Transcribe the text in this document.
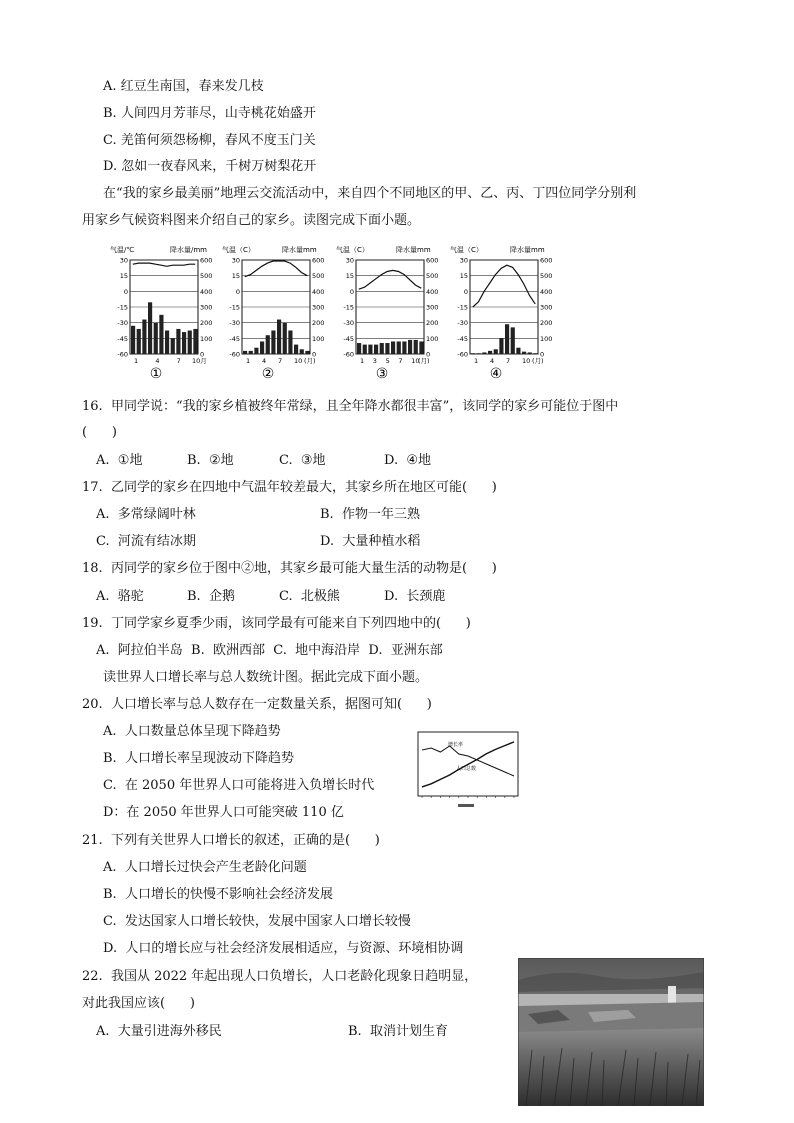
A. 红豆生南国，春来发几枝
B. 人间四月芳菲尽，山寺桃花始盛开
C. 羌笛何须怨杨柳，春风不度玉门关
D. 忽如一夜春风来，千树万树梨花开
在“我的家乡最美丽”地理云交流活动中，来自四个不同地区的甲、乙、丙、丁四位同学分别利
用家乡气候资料图来介绍自己的家乡。读图完成下面小题。
气温/℃	降水量/mm
30	600
15	500
0	400
-15	300
-30	200
-45	100
-60	0
1	4	7 10月
①
气温（C）	降水量mm
30	600
15	500
0	400
-15	300
-30	200
-45	100
-60	0
1 4 7 10 (月)
②
气温（C）	降水量mm
30	600
15	500
0	400
-15	300
-30	200
-45	100
-60	0
1 3 5 7 10
(月)
③
气温（C）	降水量mm
30	600
15	500
0	400
-15	300
-30	200
-45	100
-60	0
1 4 7 10 (月)
④
16.  甲同学说：“我的家乡植被终年常绿，且全年降水都很丰富”，该同学的家乡可能位于图中
(      )
A.  ①地	B.  ②地	C.  ③地	D.  ④地
17.  乙同学的家乡在四地中气温年较差最大，其家乡所在地区可能(      )
A.  多常绿阔叶林	B.  作物一年三熟
C.  河流有结冰期	D.  大量种植水稻
18.  丙同学的家乡位于图中②地，其家乡最可能大量生活的动物是(      )
A.  骆驼	B.  企鹅	C.  北极熊	D.  长颈鹿
19.  丁同学家乡夏季少雨，该同学最有可能来自下列四地中的(      )
A.  阿拉伯半岛  B.  欧洲西部  C.  地中海沿岸  D.  亚洲东部
读世界人口增长率与总人数统计图。据此完成下面小题。
20.  人口增长率与总人数存在一定数量关系，据图可知(      )
A.  人口数量总体呈现下降趋势
B.  人口增长率呈现波动下降趋势
C.  在 2050 年世界人口可能将进入负增长时代
D：在 2050 年世界人口可能突破 110 亿
增长率
人口总数
21.  下列有关世界人口增长的叙述，正确的是(      )
A.  人口增长过快会产生老龄化问题
B.  人口增长的快慢不影响社会经济发展
C.  发达国家人口增长较快，发展中国家人口增长较慢
D.  人口的增长应与社会经济发展相适应，与资源、环境相协调
22.  我国从 2022 年起出现人口负增长，人口老龄化现象日趋明显，
对此我国应该(      )
A.  大量引进海外移民	B.  取消计划生育
